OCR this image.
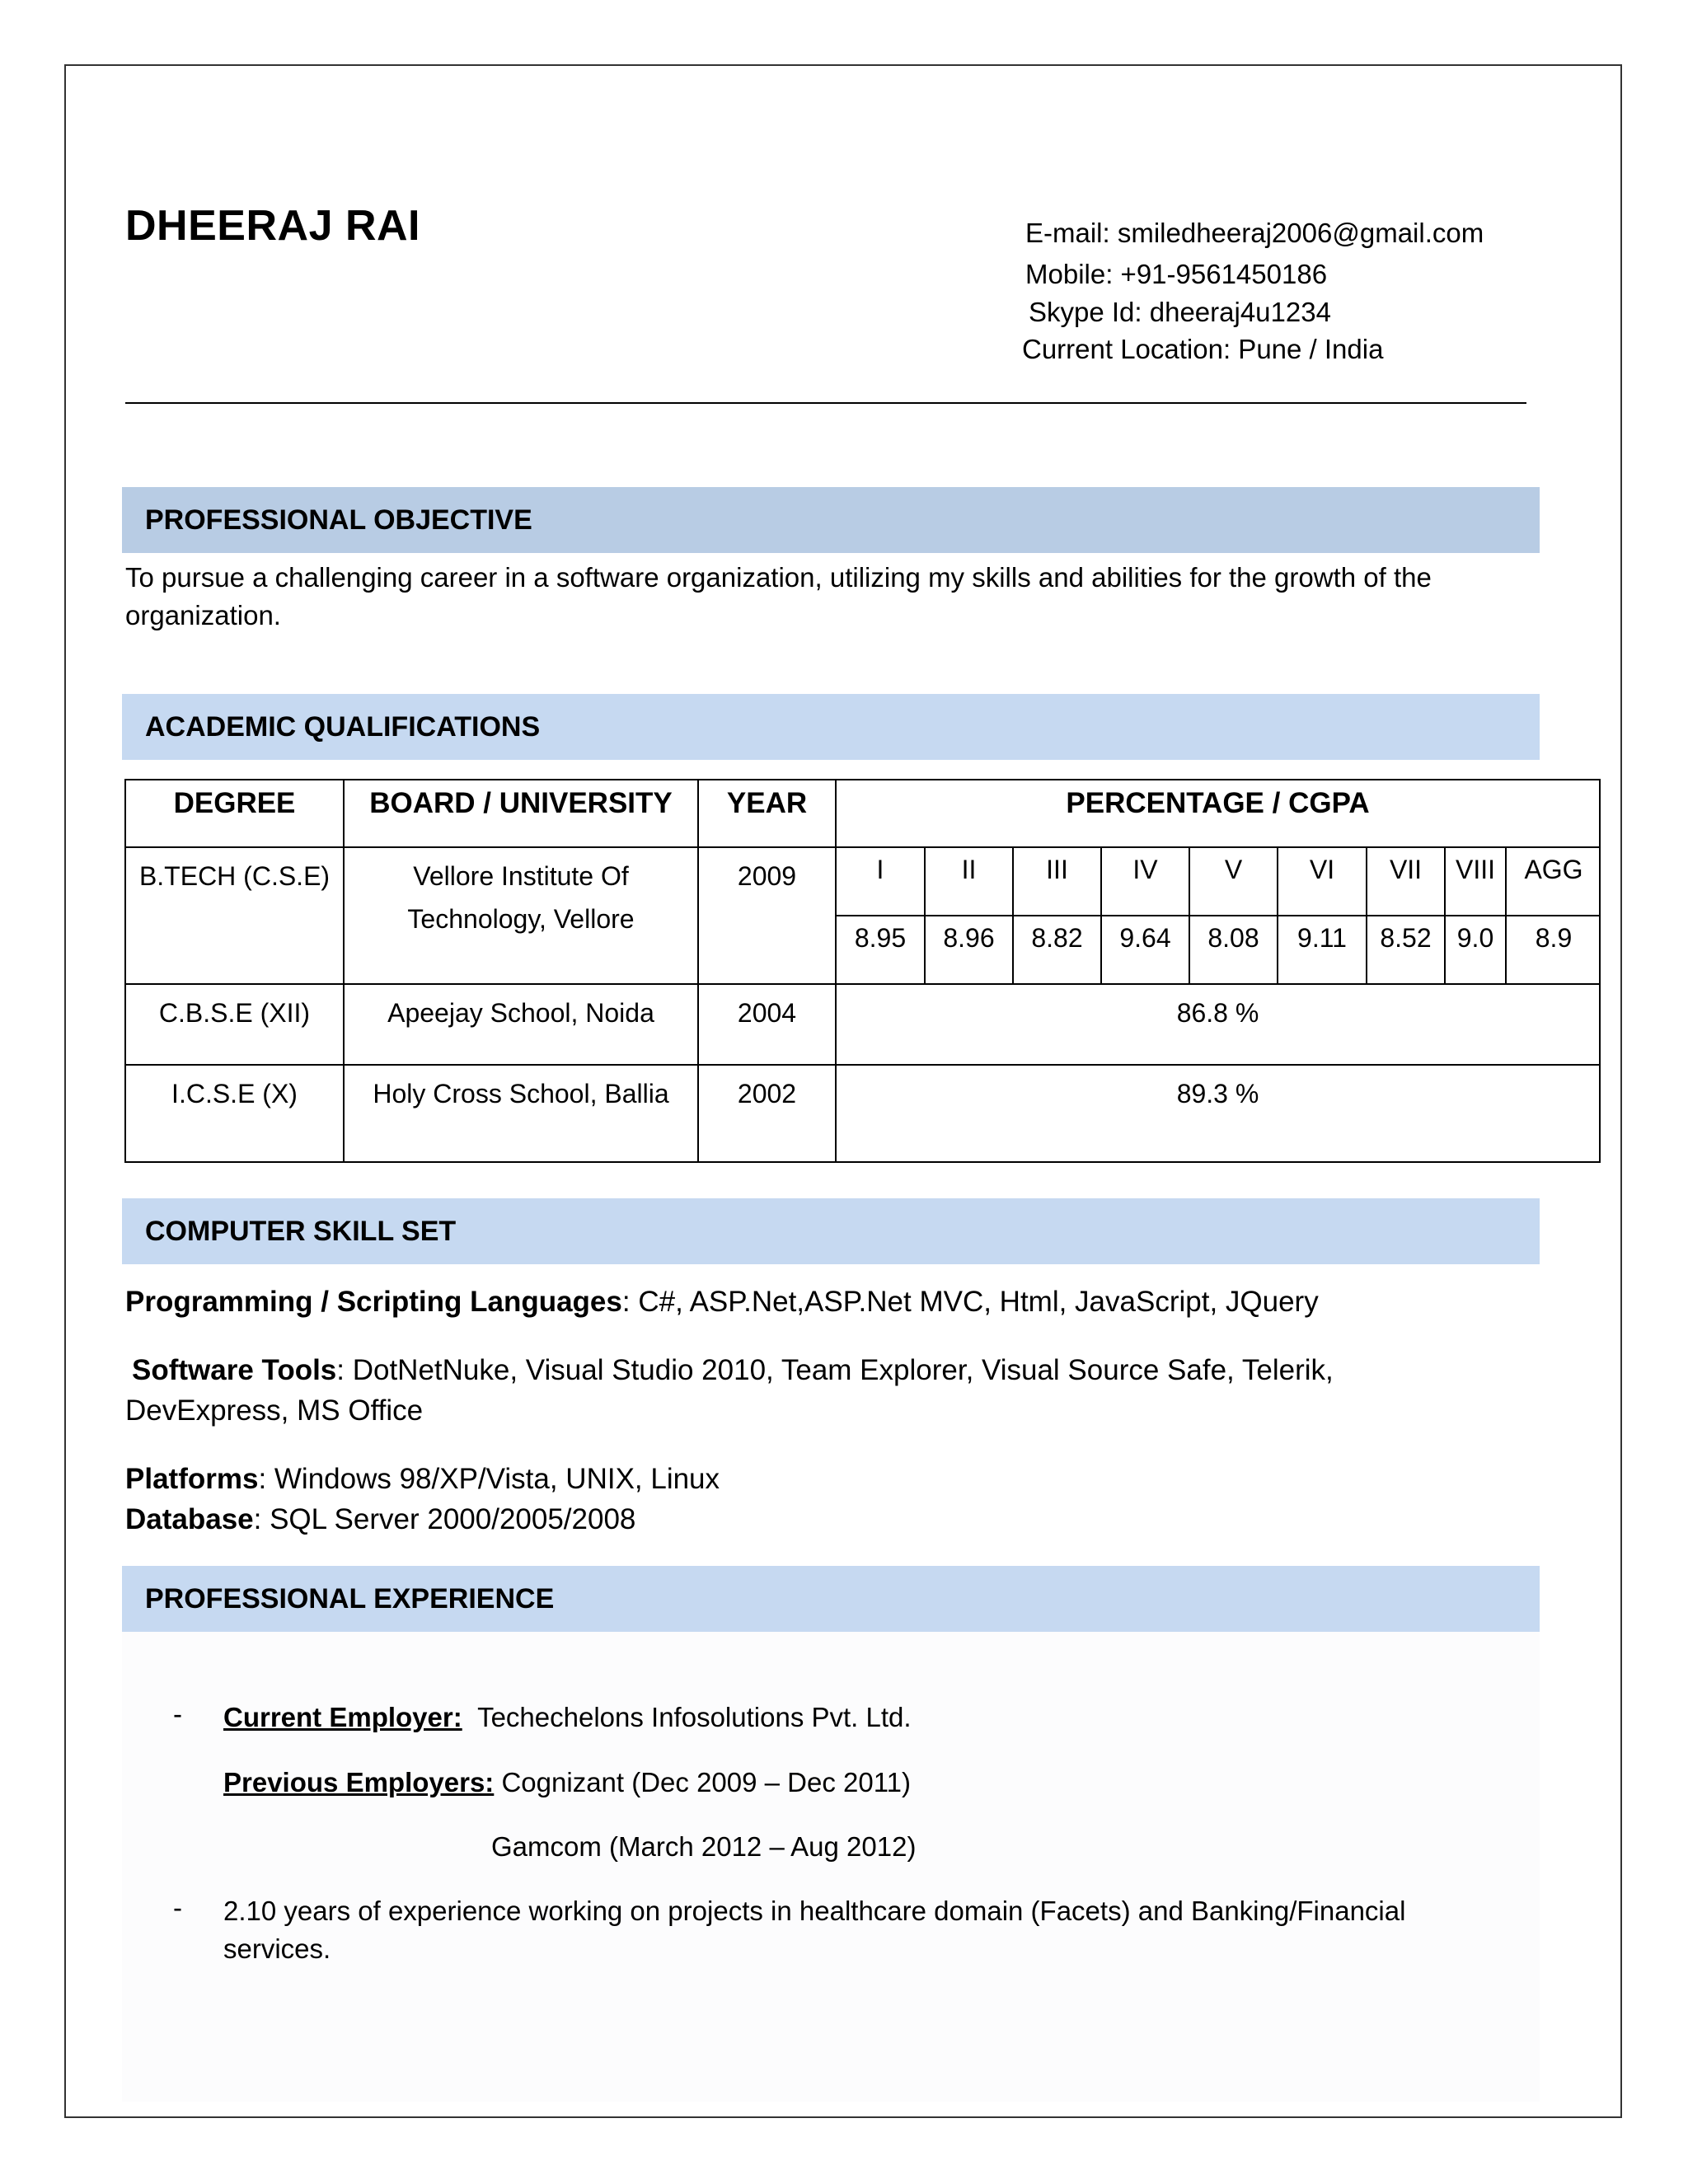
DHEERAJ RAI	E-mail: smiledheeraj2006@gmail.com
Mobile: +91-9561450186
Skype Id: dheeraj4u1234
Current Location: Pune / India
PROFESSIONAL OBJECTIVE
To pursue a challenging career in a software organization, utilizing my skills and abilities for the growth of the
organization.
ACADEMIC QUALIFICATIONS
DEGREE	BOARD / UNIVERSITY	YEAR	PERCENTAGE / CGPA
B.TECH (C.S.E)	Vellore Institute Of
Technology, Vellore
	2009		I	II	III	IV	V	VI	VII	VIII	AGG
8.95	8.96	8.82	9.64	8.08	9.11	8.52	9.0	8.9

C.B.S.E (XII)	Apeejay School, Noida	2004	86.8 %
I.C.S.E (X)	Holy Cross School, Ballia	2002	89.3 %
COMPUTER SKILL SET
Programming / Scripting Languages: C#, ASP.Net,ASP.Net MVC, Html, JavaScript, JQuery
Software Tools: DotNetNuke, Visual Studio 2010, Team Explorer, Visual Source Safe, Telerik,
DevExpress, MS Office
Platforms: Windows 98/XP/Vista, UNIX, Linux
Database: SQL Server 2000/2005/2008
PROFESSIONAL EXPERIENCE
- Current Employer: Techechelons Infosolutions Pvt. Ltd.
Previous Employers: Cognizant (Dec 2009 – Dec 2011)
Gamcom (March 2012 – Aug 2012)
- 2.10 years of experience working on projects in healthcare domain (Facets) and Banking/Financial
services.
